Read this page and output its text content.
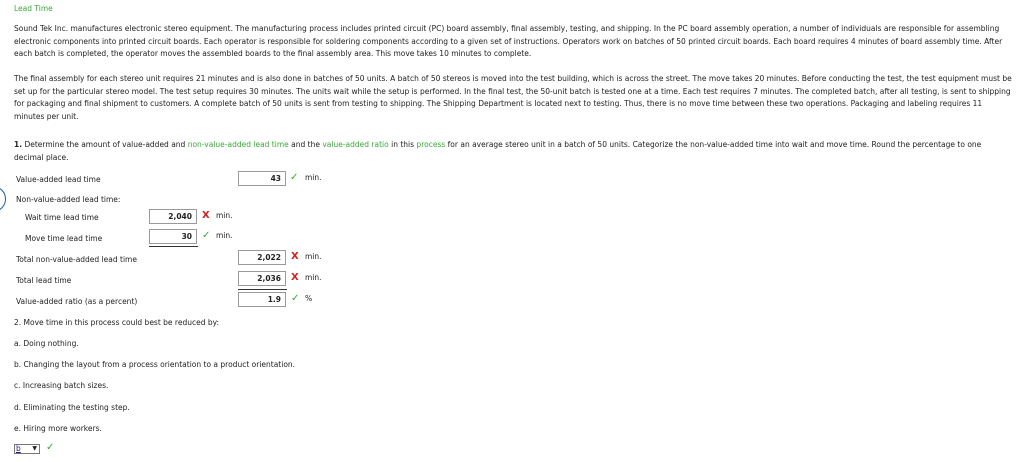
Lead Time

Sound Tek Inc. manufactures electronic stereo equipment. The manufacturing process includes printed circuit (PC) board assembly, final assembly, testing, and shipping. In the PC board assembly operation, a number of individuals are responsible for assembling electronic components into printed circuit boards. Each operator is responsible for soldering components according to a given set of instructions. Operators work on batches of 50 printed circuit boards. Each board requires 4 minutes of board assembly time. After each batch is completed, the operator moves the assembled boards to the final assembly area. This move takes 10 minutes to complete.

The final assembly for each stereo unit requires 21 minutes and is also done in batches of 50 units. A batch of 50 stereos is moved into the test building, which is across the street. The move takes 20 minutes. Before conducting the test, the test equipment must be set up for the particular stereo model. The test setup requires 30 minutes. The units wait while the setup is performed. In the final test, the 50-unit batch is tested one at a time. Each test requires 7 minutes. The completed batch, after all testing, is sent to shipping for packaging and final shipment to customers. A complete batch of 50 units is sent from testing to shipping. The Shipping Department is located next to testing. Thus, there is no move time between these two operations. Packaging and labeling requires 11 minutes per unit.

1. Determine the amount of value-added and non-value-added lead time and the value-added ratio in this process for an average stereo unit in a batch of 50 units. Categorize the non-value-added time into wait and move time. Round the percentage to one decimal place.
Value-added lead time	43 ✓ min.
Non-value-added lead time:
Wait time lead time	2,040	X min.
Move time lead time	30	✓ min.
Total non-value-added lead time	2,022	X min.
Total lead time	2,036	X min.
Value-added ratio (as a percent)	1.9	✓ %
2. Move time in this process could best be reduced by:
a. Doing nothing.
b. Changing the layout from a process orientation to a product orientation.
c. Increasing batch sizes.
d. Eliminating the testing step.
e. Hiring more workers.
b ▼ ✓
